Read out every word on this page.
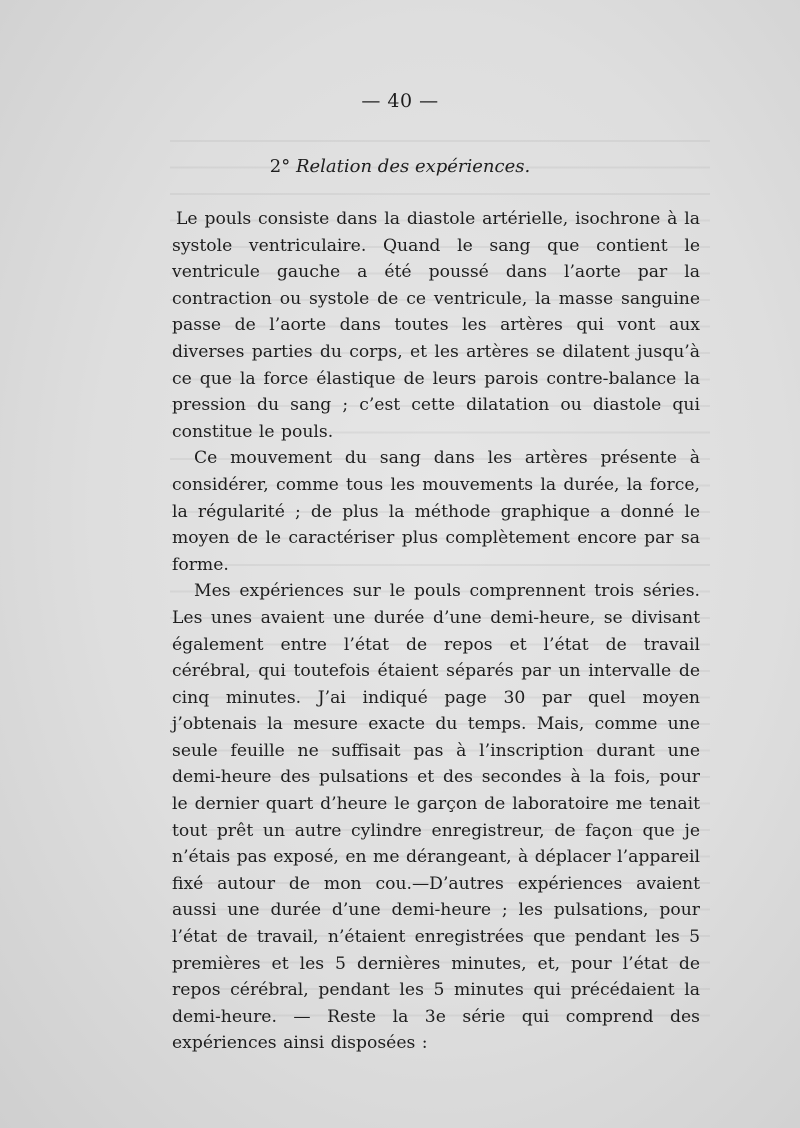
— 40 —
2° Relation des expériences.

Le pouls consiste dans la diastole artérielle, isochrone à la systole ventriculaire. Quand le sang que contient le ventricule gauche a été poussé dans l’aorte par la contraction ou systole de ce ventricule, la masse sanguine passe de l’aorte dans toutes les artères qui vont aux diverses parties du corps, et les artères se dilatent jusqu’à ce que la force élastique de leurs parois contre-balance la pression du sang ; c’est cette dilatation ou diastole qui constitue le pouls.

Ce mouvement du sang dans les artères présente à considérer, comme tous les mouvements la durée, la force, la régularité ; de plus la méthode graphique a donné le moyen de le caractériser plus complètement encore par sa forme.

Mes expériences sur le pouls comprennent trois séries. Les unes avaient une durée d’une demi-heure, se divisant également entre l’état de repos et l’état de travail cérébral, qui toutefois étaient séparés par un intervalle de cinq minutes. J’ai indiqué page 30 par quel moyen j’obtenais la mesure exacte du temps. Mais, comme une seule feuille ne suffisait pas à l’inscription durant une demi-heure des pulsations et des secondes à la fois, pour le dernier quart d’heure le garçon de laboratoire me tenait tout prêt un autre cylindre enregistreur, de façon que je n’étais pas exposé, en me dérangeant, à déplacer l’appareil fixé autour de mon cou.—D’autres expériences avaient aussi une durée d’une demi-heure ; les pulsations, pour l’état de travail, n’étaient enregistrées que pendant les 5 premières et les 5 dernières minutes, et, pour l’état de repos cérébral, pendant les 5 minutes qui précédaient la demi-heure. — Reste la 3e série qui comprend des expériences ainsi disposées :
